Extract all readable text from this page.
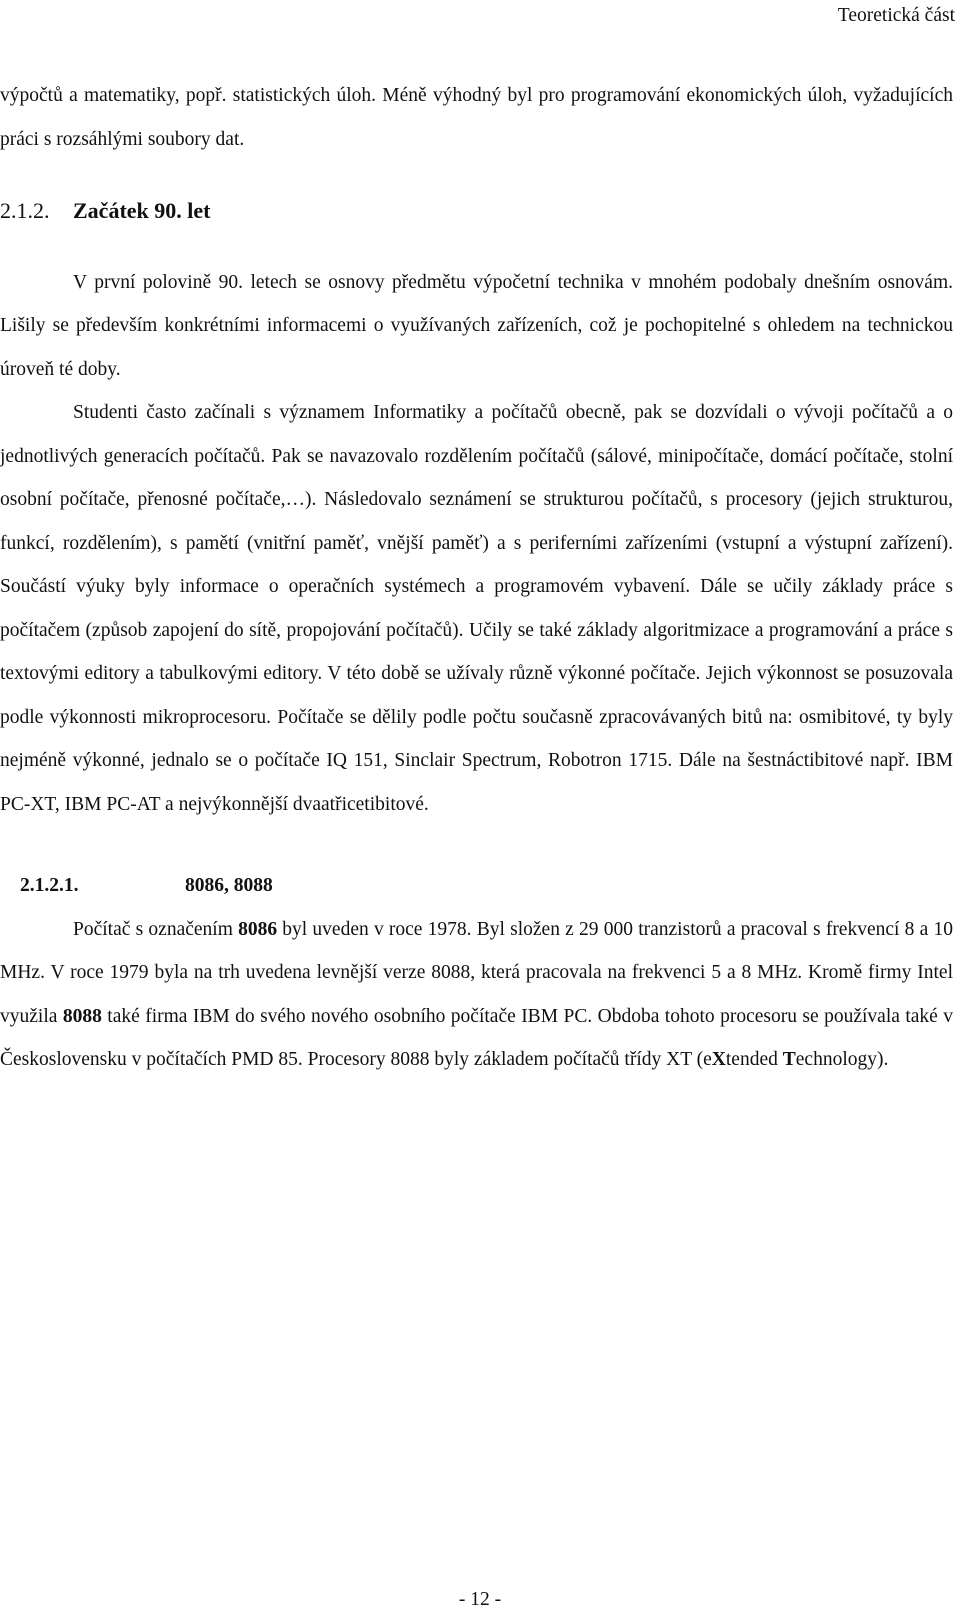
Teoretická část

výpočtů a matematiky, popř. statistických úloh. Méně výhodný byl pro programování ekonomických úloh, vyžadujících práci s rozsáhlými soubory dat.

2.1.2. Začátek 90. let

V první polovině 90. letech se osnovy předmětu výpočetní technika v mnohém podobaly dnešním osnovám. Lišily se především konkrétními informacemi o využívaných zařízeních, což je pochopitelné s ohledem na technickou úroveň té doby.

Studenti často začínali s významem Informatiky a počítačů obecně, pak se dozvídali o vývoji počítačů a o jednotlivých generacích počítačů. Pak se navazovalo rozdělením počítačů (sálové, minipočítače, domácí počítače, stolní osobní počítače, přenosné počítače,…). Následovalo seznámení se strukturou počítačů, s procesory (jejich strukturou, funkcí, rozdělením), s pamětí (vnitřní paměť, vnější paměť) a s periferními zařízeními (vstupní a výstupní zařízení). Součástí výuky byly informace o operačních systémech a programovém vybavení. Dále se učily základy práce s počítačem (způsob zapojení do sítě, propojování počítačů). Učily se také základy algoritmizace a programování a práce s textovými editory a tabulkovými editory. V této době se užívaly různě výkonné počítače. Jejich výkonnost se posuzovala podle výkonnosti mikroprocesoru. Počítače se dělily podle počtu současně zpracovávaných bitů na: osmibitové, ty byly nejméně výkonné, jednalo se o počítače IQ 151, Sinclair Spectrum, Robotron 1715. Dále na šestnáctibitové např. IBM PC-XT, IBM PC-AT a nejvýkonnější dvaatřicetibitové.

2.1.2.1.	8086, 8088

Počítač s označením 8086 byl uveden v roce 1978. Byl složen z 29 000 tranzistorů a pracoval s frekvencí 8 a 10 MHz. V roce 1979 byla na trh uvedena levnější verze 8088, která pracovala na frekvenci 5 a 8 MHz. Kromě firmy Intel využila 8088 také firma IBM do svého nového osobního počítače IBM PC. Obdoba tohoto procesoru se používala také v Československu v počítačích PMD 85. Procesory 8088 byly základem počítačů třídy XT (eXtended Technology).

- 12 -
